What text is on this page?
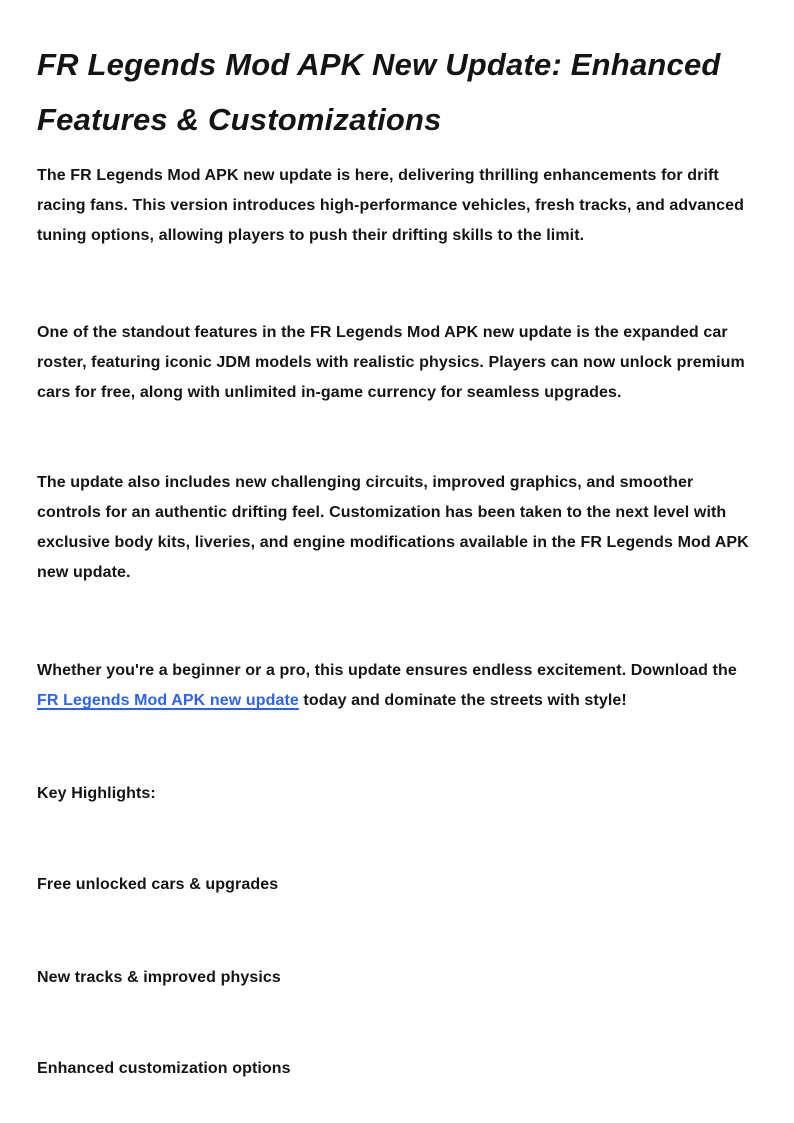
FR Legends Mod APK New Update: Enhanced Features & Customizations

The FR Legends Mod APK new update is here, delivering thrilling enhancements for drift racing fans. This version introduces high-performance vehicles, fresh tracks, and advanced tuning options, allowing players to push their drifting skills to the limit.

One of the standout features in the FR Legends Mod APK new update is the expanded car roster, featuring iconic JDM models with realistic physics. Players can now unlock premium cars for free, along with unlimited in-game currency for seamless upgrades.

The update also includes new challenging circuits, improved graphics, and smoother controls for an authentic drifting feel. Customization has been taken to the next level with exclusive body kits, liveries, and engine modifications available in the FR Legends Mod APK new update.

Whether you're a beginner or a pro, this update ensures endless excitement. Download the FR Legends Mod APK new update today and dominate the streets with style!

Key Highlights:

Free unlocked cars & upgrades

New tracks & improved physics

Enhanced customization options
